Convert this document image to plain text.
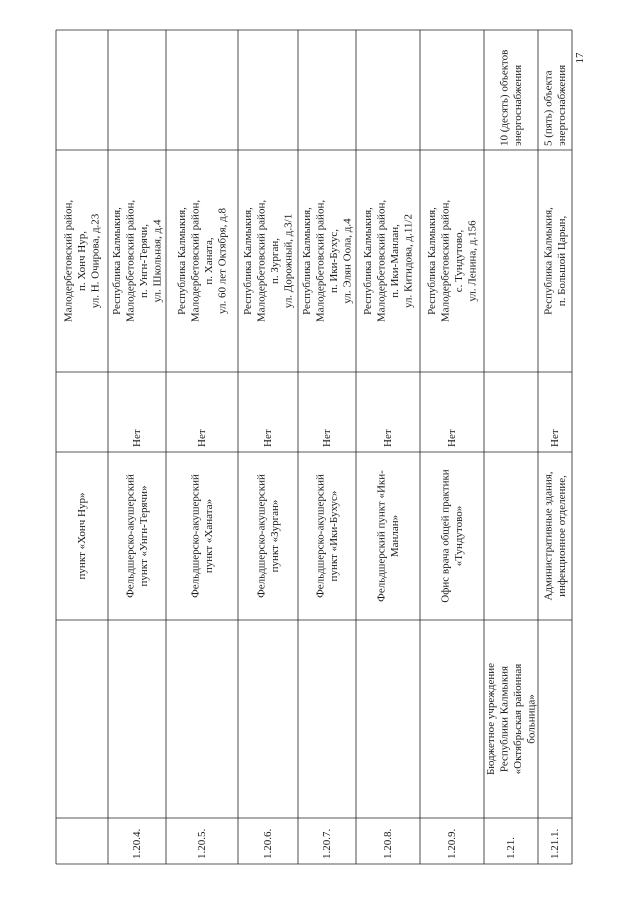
пункт «Хонч Нур»
Малодербетовский район, п. Хонч Нур, ул. Н. Очирова, д.23
1.20.4.
Фельдшерско-акушерский пункт «Унгн-Терячи»
Нет
Республика Калмыкия, Малодербетовский район, п. Унгн-Терячи, ул. Школьная, д.4
1.20.5.
Фельдшерско-акушерский пункт «Ханата»
Нет
Республика Калмыкия, Малодербетовский район, п. Ханата, ул. 60 лет Октября, д.8
1.20.6.
Фельдшерско-акушерский пункт «Зурган»
Нет
Республика Калмыкия, Малодербетовский район, п. Зурган, ул. Дорожный, д.3/1
1.20.7.
Фельдшерско-акушерский пункт «Ики-Бухус»
Нет
Республика Калмыкия, Малодербетовский район, п. Ики-Бухус, ул. Элян Оола, д.4
1.20.8.
Фельдшерский пункт «Ики- Манлан»
Нет
Республика Калмыкия, Малодербетовский район, п. Ики-Манлан, ул. Китидова, д.11/2
1.20.9.
Офис врача общей практики «Тундутово»
Нет
Республика Калмыкия, Малодербетовский район, с. Тундутово, ул. Ленина, д.156
1.21.
Бюджетное учреждение Республики Калмыкия «Октябрьская районная больница»
10 (десять) объектов энергоснабжения
1.21.1.
Административные здания, инфекционное отделение,
Нет
Республика Калмыкия, п. Большой Царын,
5 (пять) объекта энергоснабжения
17
